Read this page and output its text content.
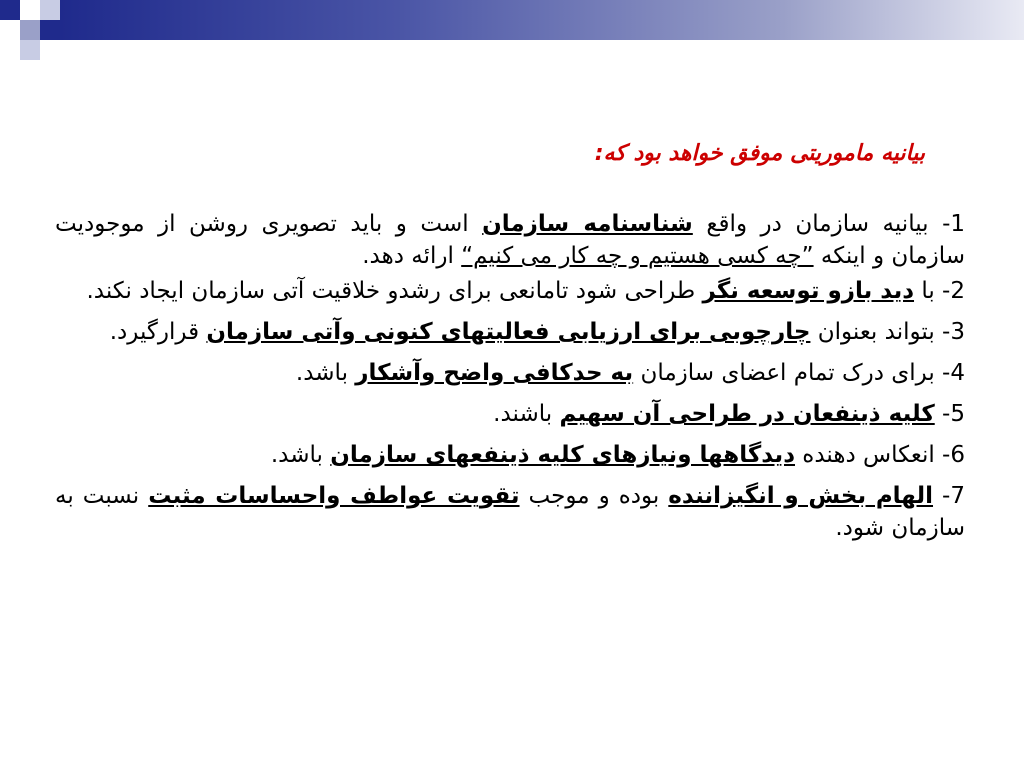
بیانیه ماموریتی موفق خواهد بود که:
1- بیانیه سازمان در واقع شناسنامه سازمان است و باید تصویری روشن از موجودیت سازمان و اینکه ”چه کسی هستیم و چه کار می کنیم“ ارائه دهد.
2- با دید بازو توسعه نگر طراحی شود تامانعی برای رشدو خلاقیت آتی سازمان ایجاد نکند.
3- بتواند بعنوان چارچوبی برای ارزیابی فعالیتهای کنونی وآتی سازمان قرارگیرد.
4- برای درک تمام اعضای سازمان به حدکافی واضح وآشکار باشد.
5- کلیه ذینفعان در طراحی آن سهیم باشند.
6- انعکاس دهنده دیدگاهها ونیازهای کلیه ذینفعهای سازمان باشد.
7- الهام بخش و انگیزاننده بوده و موجب تقویت عواطف واحساسات مثبت نسبت به سازمان شود.
